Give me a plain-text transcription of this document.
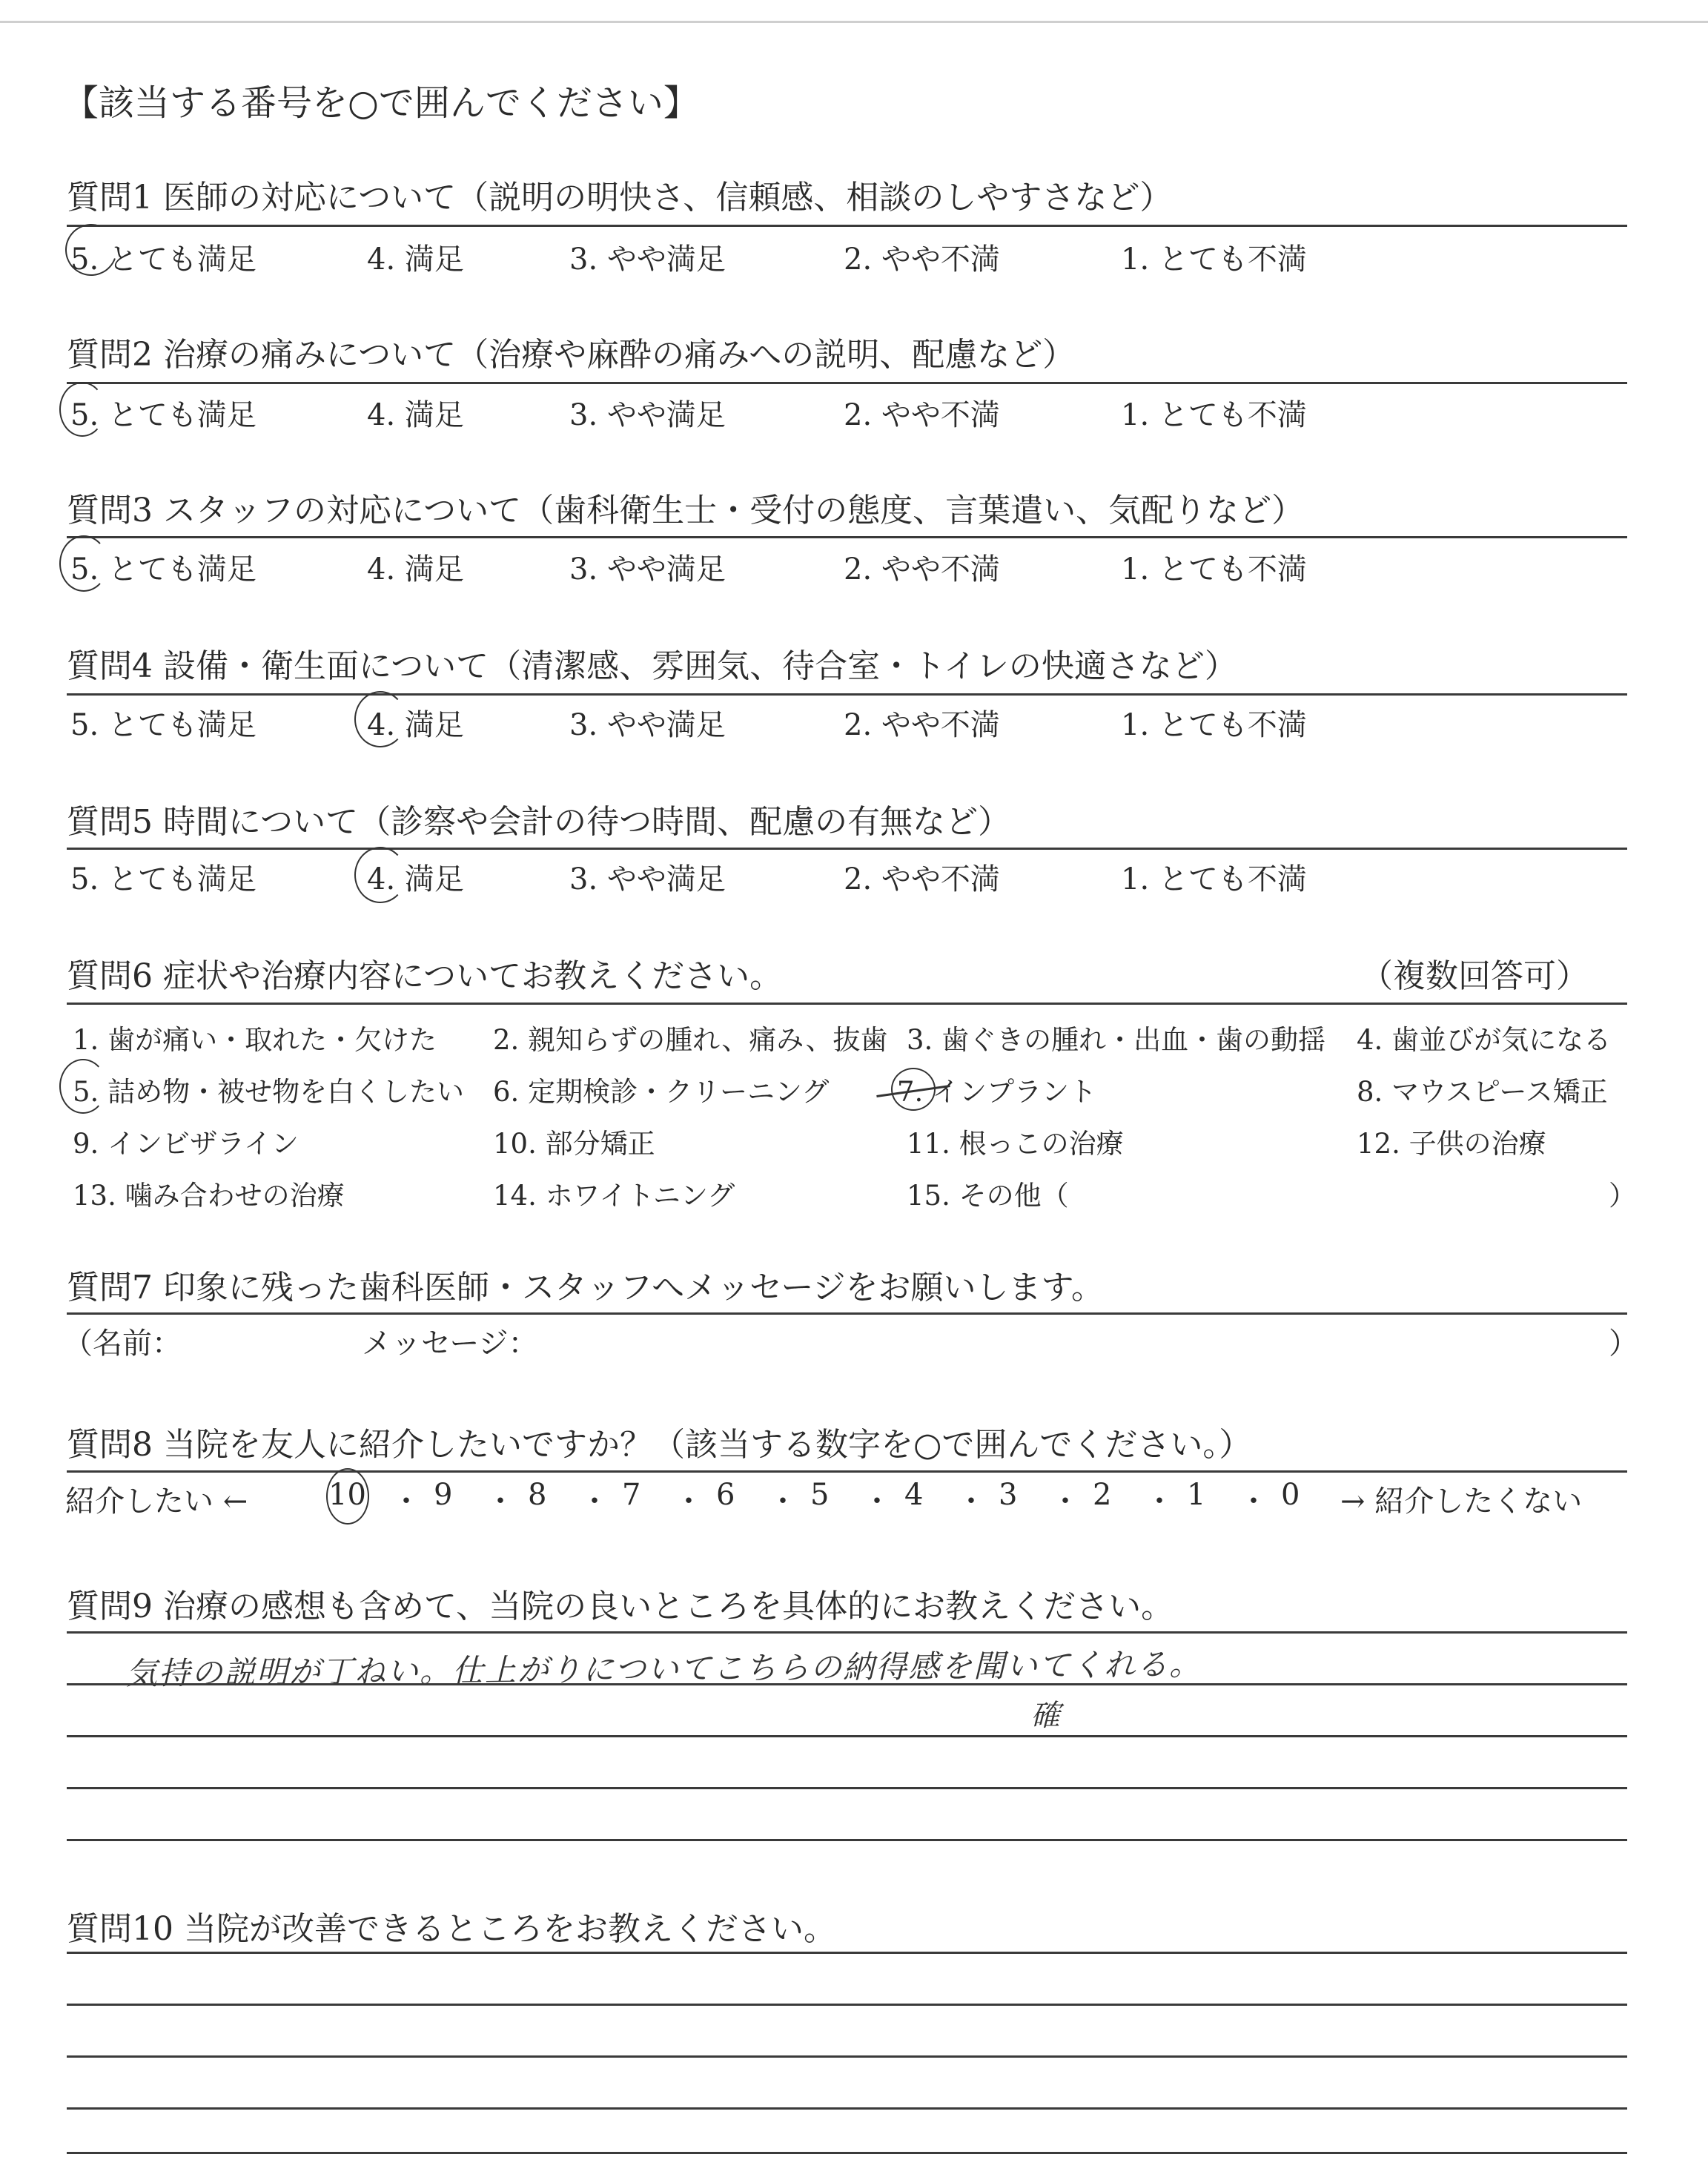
【該当する番号を○で囲んでください】
質問1 医師の対応について（説明の明快さ、信頼感、相談のしやすさなど）
5. とても満足	4. 満足	3. やや満足	2. やや不満	1. とても不満
質問2 治療の痛みについて（治療や麻酔の痛みへの説明、配慮など）
5. とても満足	4. 満足	3. やや満足	2. やや不満	1. とても不満
質問3 スタッフの対応について（歯科衛生士・受付の態度、言葉遣い、気配りなど）
5. とても満足	4. 満足	3. やや満足	2. やや不満	1. とても不満
質問4 設備・衛生面について（清潔感、雰囲気、待合室・トイレの快適さなど）
5. とても満足	4. 満足	3. やや満足	2. やや不満	1. とても不満
質問5 時間について（診察や会計の待つ時間、配慮の有無など）
5. とても満足	4. 満足	3. やや満足	2. やや不満	1. とても不満
質問6 症状や治療内容についてお教えください。	（複数回答可）
1. 歯が痛い・取れた・欠けた 2. 親知らずの腫れ、痛み、抜歯 3. 歯ぐきの腫れ・出血・歯の動揺 4. 歯並びが気になる
5. 詰め物・被せ物を白くしたい 6. 定期検診・クリーニング 7. インプラント	8. マウスピース矯正
9. インビザライン	10. 部分矯正	11. 根っこの治療	12. 子供の治療
13. 噛み合わせの治療	14. ホワイトニング	15. その他（	）
質問7 印象に残った歯科医師・スタッフへメッセージをお願いします。
（名前：	メッセージ：	）
質問8 当院を友人に紹介したいですか？（該当する数字を○で囲んでください。）
紹介したい ←	→ 紹介したくない
10 ・ 9 ・ 8 ・ 7 ・ 6 ・ 5 ・ 4 ・ 3 ・ 2 ・ 1 ・ 0
質問9 治療の感想も含めて、当院の良いところを具体的にお教えください。
気持の説明が丁ねい。仕上がりについてこちらの納得感を聞いてくれる。
確
質問10 当院が改善できるところをお教えください。
